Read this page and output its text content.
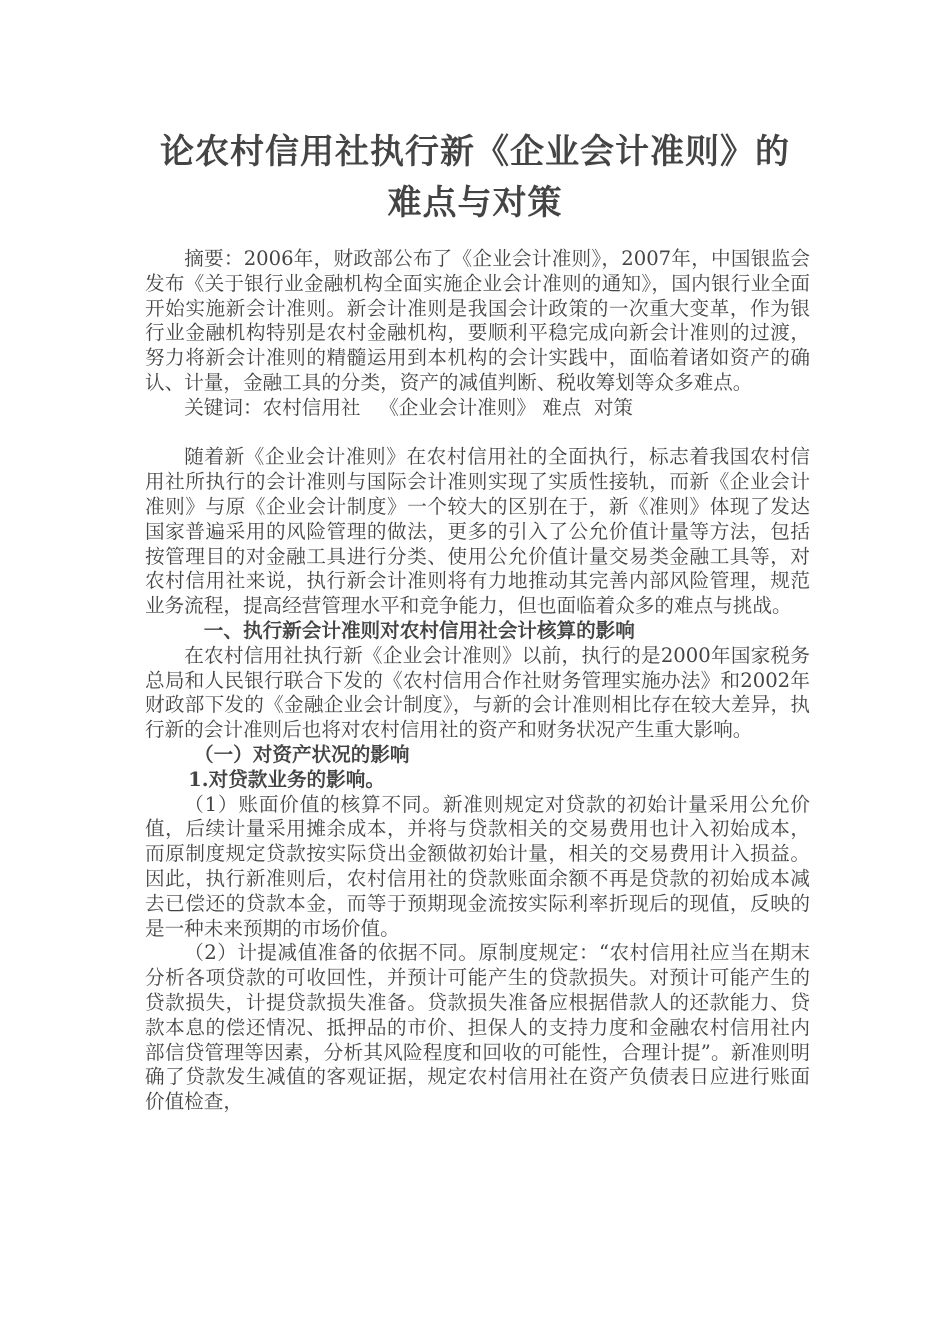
论农村信用社执行新《企业会计准则》的
难点与对策

摘要：2006年，财政部公布了《企业会计准则》，2007年，中国银监会发布《关于银行业金融机构全面实施企业会计准则的通知》，国内银行业全面开始实施新会计准则。新会计准则是我国会计政策的一次重大变革，作为银行业金融机构特别是农村金融机构，要顺利平稳完成向新会计准则的过渡，努力将新会计准则的精髓运用到本机构的会计实践中，面临着诸如资产的确认、计量，金融工具的分类，资产的减值判断、税收筹划等众多难点。

关键词：农村信用社   《企业会计准则》 难点  对策

随着新《企业会计准则》在农村信用社的全面执行，标志着我国农村信用社所执行的会计准则与国际会计准则实现了实质性接轨，而新《企业会计准则》与原《企业会计制度》一个较大的区别在于，新《准则》体现了发达国家普遍采用的风险管理的做法，更多的引入了公允价值计量等方法，包括按管理目的对金融工具进行分类、使用公允价值计量交易类金融工具等，对农村信用社来说，执行新会计准则将有力地推动其完善内部风险管理，规范业务流程，提高经营管理水平和竞争能力，但也面临着众多的难点与挑战。

一、执行新会计准则对农村信用社会计核算的影响

在农村信用社执行新《企业会计准则》以前，执行的是2000年国家税务总局和人民银行联合下发的《农村信用合作社财务管理实施办法》和2002年财政部下发的《金融企业会计制度》，与新的会计准则相比存在较大差异，执行新的会计准则后也将对农村信用社的资产和财务状况产生重大影响。

（一）对资产状况的影响

1.对贷款业务的影响。

（1）账面价值的核算不同。新准则规定对贷款的初始计量采用公允价值，后续计量采用摊余成本，并将与贷款相关的交易费用也计入初始成本，而原制度规定贷款按实际贷出金额做初始计量，相关的交易费用计入损益。因此，执行新准则后，农村信用社的贷款账面余额不再是贷款的初始成本减去已偿还的贷款本金，而等于预期现金流按实际利率折现后的现值，反映的是一种未来预期的市场价值。

（2）计提减值准备的依据不同。原制度规定：“农村信用社应当在期末分析各项贷款的可收回性，并预计可能产生的贷款损失。对预计可能产生的贷款损失，计提贷款损失准备。贷款损失准备应根据借款人的还款能力、贷款本息的偿还情况、抵押品的市价、担保人的支持力度和金融农村信用社内部信贷管理等因素，分析其风险程度和回收的可能性，合理计提”。新准则明确了贷款发生减值的客观证据，规定农村信用社在资产负债表日应进行账面价值检查，
